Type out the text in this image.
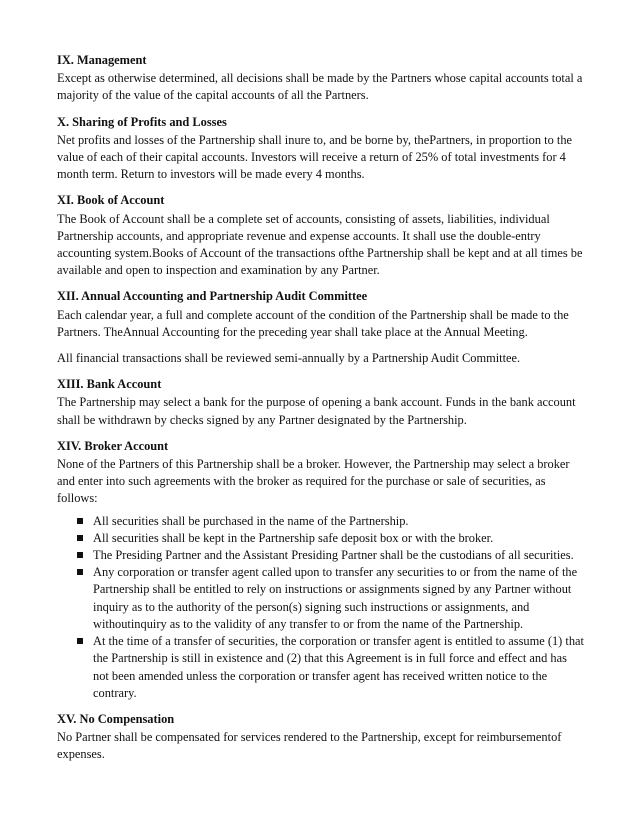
IX. Management

Except as otherwise determined, all decisions shall be made by the Partners whose capital accounts total a majority of the value of the capital accounts of all the Partners.

X. Sharing of Profits and Losses

Net profits and losses of the Partnership shall inure to, and be borne by, thePartners, in proportion to the value of each of their capital accounts. Investors will receive a return of 25% of total investments for 4 month term. Return to investors will be made every 4 months.

XI. Book of Account

The Book of Account shall be a complete set of accounts, consisting of assets, liabilities, individual Partnership accounts, and appropriate revenue and expense accounts. It shall use the double-entry accounting system.Books of Account of the transactions ofthe Partnership shall be kept and at all times be available and open to inspection and examination by any Partner.

XII. Annual Accounting and Partnership Audit Committee

Each calendar year, a full and complete account of the condition of the Partnership shall be made to the Partners. TheAnnual Accounting for the preceding year shall take place at the Annual Meeting.

All financial transactions shall be reviewed semi-annually by a Partnership Audit Committee.

XIII. Bank Account

The Partnership may select a bank for the purpose of opening a bank account. Funds in the bank account shall be withdrawn by checks signed by any Partner designated by the Partnership.

XIV. Broker Account

None of the Partners of this Partnership shall be a broker. However, the Partnership may select a broker and enter into such agreements with the broker as required for the purchase or sale of securities, as follows:

All securities shall be purchased in the name of the Partnership.
All securities shall be kept in the Partnership safe deposit box or with the broker.
The Presiding Partner and the Assistant Presiding Partner shall be the custodians of all securities.
Any corporation or transfer agent called upon to transfer any securities to or from the name of the Partnership shall be entitled to rely on instructions or assignments signed by any Partner without inquiry as to the authority of the person(s) signing such instructions or assignments, and withoutinquiry as to the validity of any transfer to or from the name of the Partnership.
At the time of a transfer of securities, the corporation or transfer agent is entitled to assume (1) that the Partnership is still in existence and (2) that this Agreement is in full force and effect and has not been amended unless the corporation or transfer agent has received written notice to the contrary.
XV. No Compensation

No Partner shall be compensated for services rendered to the Partnership, except for reimbursementof expenses.
